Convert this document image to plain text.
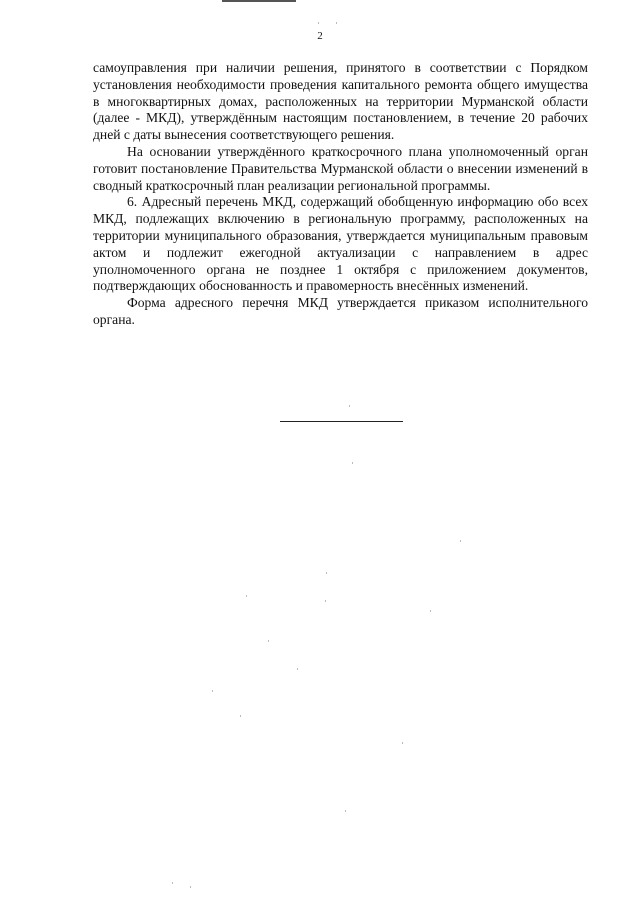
2

самоуправления при наличии решения, принятого в соответствии с Порядком установления необходимости проведения капитального ремонта общего имущества в многоквартирных домах, расположенных на территории Мурманской области (далее - МКД), утверждённым настоящим постановлением, в течение 20 рабочих дней с даты вынесения соответствующего решения.

На основании утверждённого краткосрочного плана уполномоченный орган готовит постановление Правительства Мурманской области о внесении изменений в сводный краткосрочный план реализации региональной программы.

6. Адресный перечень МКД, содержащий обобщенную информацию обо всех МКД, подлежащих включению в региональную программу, расположенных на территории муниципального образования, утверждается муниципальным правовым актом и подлежит ежегодной актуализации с направлением в адрес уполномоченного органа не позднее 1 октября с приложением документов, подтверждающих обоснованность и правомерность внесённых изменений.

Форма адресного перечня МКД утверждается приказом исполнительного органа.
